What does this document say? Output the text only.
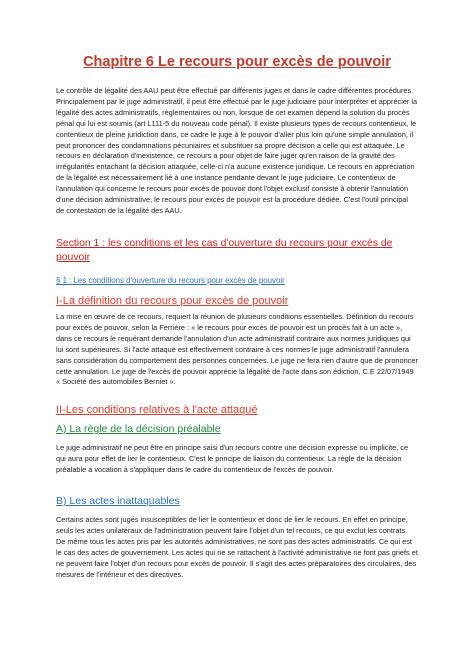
Chapitre 6 Le recours pour excès de pouvoir

Le contrôle de légalité des AAU peut être effectué par différents juges et dans le cadre différentes procédures. Principalement par le juge administratif, il peut être effectué par le juge judiciaire pour interpréter et apprécier la légalité des actes administratifs, règlementaires ou non, lorsque de cet examen dépend la solution du procès pénal qui lui est soumis (art L111-5 du nouveau code pénal). Il existe plusieurs types de recours contentieux, le contentieux de pleine juridiction dans, ce cadre le juge à le pouvoir d'aller plus loin qu'une simple annulation, il peut prononcer des condamnations pécuniaires et substituer sa propre décision a celle qui est attaquée. Le recours en déclaration d'inexistence, ce recours a pour objet de faire juger qu'en raison de la gravité des irrégularités entachant la décision attaquée, celle-ci n'a aucune existence juridique. Le recours en appréciation de la légalité est nécessairement lié à une instance pendante devant le juge judiciaire. Le contentieux de l'annulation qui concerne le recours pour excès de pouvoir dont l'objet exclusif consiste à obtenir l'annulation d'une décision administrative, le recours pour excès de pouvoir est la procédure dédiée. C'est l'outil principal de contestation de la légalité des AAU.

Section 1 : les conditions et les cas d'ouverture du recours pour excès de pouvoir
§ 1 : Les conditions d'ouverture du recours pour excès de pouvoir
I-La définition du recours pour excès de pouvoir

La mise en œuvre de ce recours, requiert la réunion de plusieurs conditions essentielles. Définition du recours pour excès de pouvoir, selon la Ferrière : « le recours pour excès de pouvoir est un procès fait à un acte », dans ce recours le requérant demande l'annulation d'un acte administratif contraire aux normes juridiques qui lui sont supérieures. Si l'acte attaqué est effectivement contraire à ces normes le juge administratif l'annulera sans considération du comportement des personnes concernées. Le juge ne fera rien d'autre que de prononcer cette annulation. Le juge de l'excès de pouvoir apprécie la légalité de l'acte dans son édiction, C.E 22/07/1949 « Société des automobiles Berniet ».

II-Les conditions relatives à l'acte attaqué
A) La règle de la décision préalable

Le juge administratif ne peut être en principe saisi d'un recours contre une décision expresse ou implicite, ce qui aura pour effet de lier le contentieux. C'est le principe de liaison du contentieux. La règle de la décision préalable a vocation à s'appliquer dans le cadre du contentieux de l'excès de pouvoir.

B) Les actes inattaquables

Certains actes sont jugés insusceptibles de lier le contentieux et donc de lier le recours. En effet en principe, seuls les actes unilatéraux de l'administration peuvent faire l'objet d'un tel recours, ce qui exclut les contrats. De même tous les actes pris par les autorités administratives, ne sont pas des actes administratifs. Ce qui est le cas des actes de gouvernement. Les actes qui ne se rattachent à l'activité administrative ne font pas griefs et ne peuvent faire l'objet d'un recours pour excès de pouvoir. Il s'agit des actes préparatoires des circulaires, des mesures de l'intérieur et des directives.
